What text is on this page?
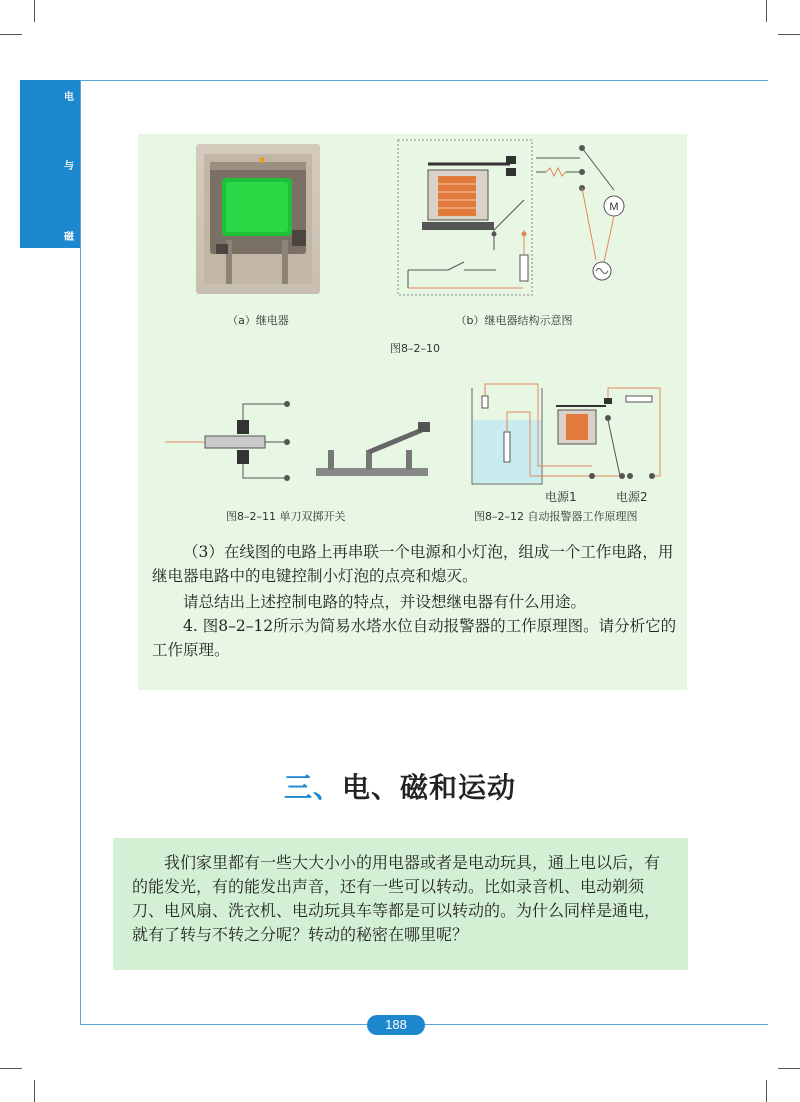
电
与
磁
M
（a）继电器	（b）继电器结构示意图
图8–2–10
图8–2–11 单刀双掷开关
电源1	电源2
图8–2–12 自动报警器工作原理图
（3）在线图的电路上再串联一个电源和小灯泡，组成一个工作电路，用继电器电路中的电键控制小灯泡的点亮和熄灭。
请总结出上述控制电路的特点，并设想继电器有什么用途。
4. 图8–2–12所示为简易水塔水位自动报警器的工作原理图。请分析它的工作原理。
三、电、磁和运动
我们家里都有一些大大小小的用电器或者是电动玩具，通上电以后，有的能发光，有的能发出声音，还有一些可以转动。比如录音机、电动剃须刀、电风扇、洗衣机、电动玩具车等都是可以转动的。为什么同样是通电，就有了转与不转之分呢？转动的秘密在哪里呢？
188
